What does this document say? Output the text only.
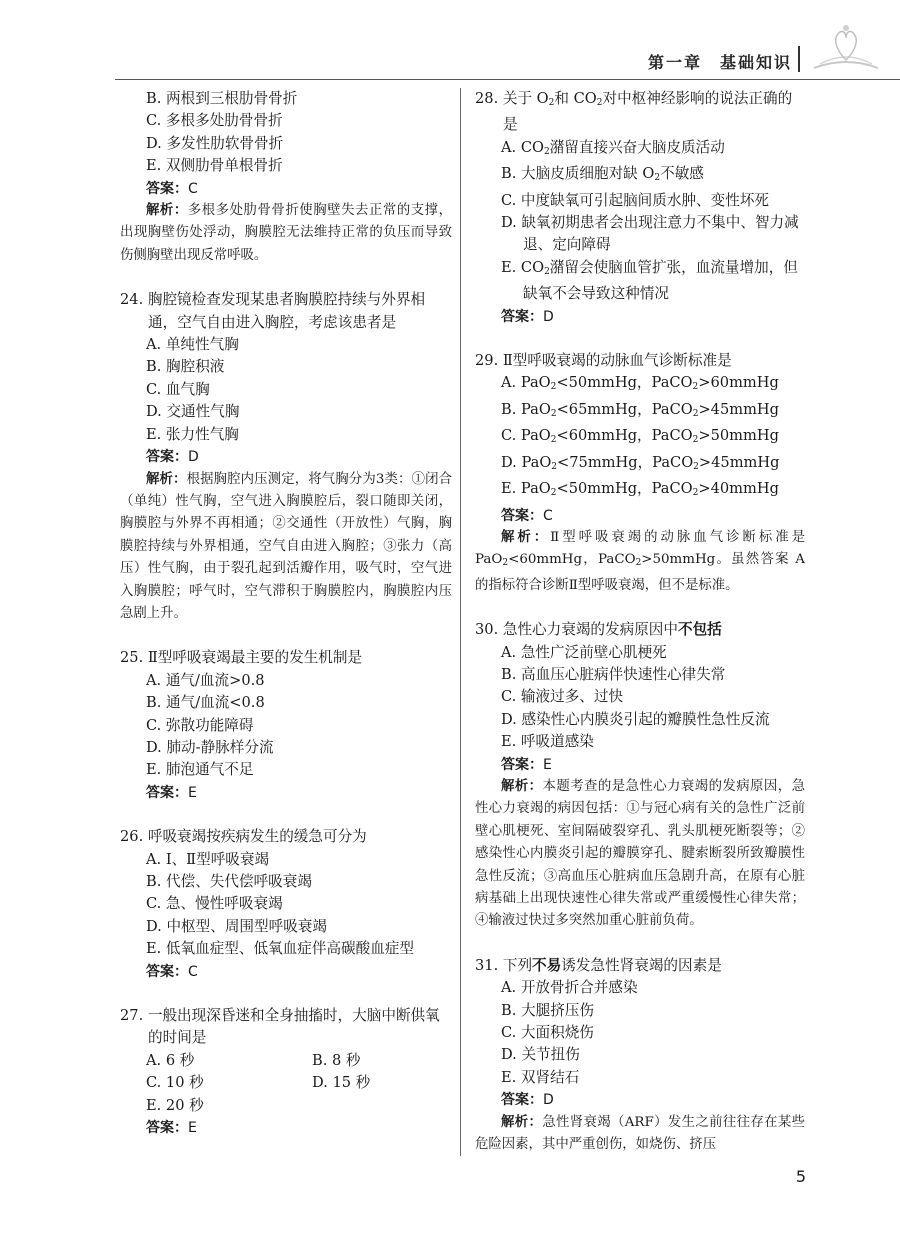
第一章　基础知识
B. 两根到三根肋骨骨折
C. 多根多处肋骨骨折
D. 多发性肋软骨骨折
E. 双侧肋骨单根骨折
答案：C
解析：多根多处肋骨骨折使胸壁失去正常的支撑，出现胸壁伤处浮动，胸膜腔无法维持正常的负压而导致伤侧胸壁出现反常呼吸。
24. 胸腔镜检查发现某患者胸膜腔持续与外界相通，空气自由进入胸腔，考虑该患者是
A. 单纯性气胸
B. 胸腔积液
C. 血气胸
D. 交通性气胸
E. 张力性气胸
答案：D
解析：根据胸腔内压测定，将气胸分为3类：①闭合（单纯）性气胸，空气进入胸膜腔后，裂口随即关闭，胸膜腔与外界不再相通；②交通性（开放性）气胸，胸膜腔持续与外界相通，空气自由进入胸腔；③张力（高压）性气胸，由于裂孔起到活瓣作用，吸气时，空气进入胸膜腔；呼气时，空气滞积于胸膜腔内，胸膜腔内压急剧上升。
25. Ⅱ型呼吸衰竭最主要的发生机制是
A. 通气/血流>0.8
B. 通气/血流<0.8
C. 弥散功能障碍
D. 肺动-静脉样分流
E. 肺泡通气不足
答案：E
26. 呼吸衰竭按疾病发生的缓急可分为
A. Ⅰ、Ⅱ型呼吸衰竭
B. 代偿、失代偿呼吸衰竭
C. 急、慢性呼吸衰竭
D. 中枢型、周围型呼吸衰竭
E. 低氧血症型、低氧血症伴高碳酸血症型
答案：C
27. 一般出现深昏迷和全身抽搐时，大脑中断供氧的时间是
A. 6 秒	B. 8 秒
C. 10 秒	D. 15 秒
E. 20 秒
答案：E
28. 关于 $O_2$和 $CO_2$对中枢神经影响的说法正确的是
A. $CO_2$潴留直接兴奋大脑皮质活动
B. 大脑皮质细胞对缺 $O_2$不敏感
C. 中度缺氧可引起脑间质水肿、变性坏死
D. 缺氧初期患者会出现注意力不集中、智力减退、定向障碍
E. $CO_2$潴留会使脑血管扩张，血流量增加，但缺氧不会导致这种情况
答案：D
29. Ⅱ型呼吸衰竭的动脉血气诊断标准是
A. PaO$_2$<50mmHg，PaCO$_2$>60mmHg
B. PaO$_2$<65mmHg，PaCO$_2$>45mmHg
C. PaO$_2$<60mmHg，PaCO$_2$>50mmHg
D. PaO$_2$<75mmHg，PaCO$_2$>45mmHg
E. PaO$_2$<50mmHg，PaCO$_2$>40mmHg
答案：C
解析：Ⅱ型呼吸衰竭的动脉血气诊断标准是 PaO$_2$<60mmHg，PaCO$_2$>50mmHg。虽然答案 A 的指标符合诊断Ⅱ型呼吸衰竭，但不是标准。
30. 急性心力衰竭的发病原因中不包括
A. 急性广泛前壁心肌梗死
B. 高血压心脏病伴快速性心律失常
C. 输液过多、过快
D. 感染性心内膜炎引起的瓣膜性急性反流
E. 呼吸道感染
答案：E
解析：本题考查的是急性心力衰竭的发病原因，急性心力衰竭的病因包括：①与冠心病有关的急性广泛前壁心肌梗死、室间隔破裂穿孔、乳头肌梗死断裂等；②感染性心内膜炎引起的瓣膜穿孔、腱索断裂所致瓣膜性急性反流；③高血压心脏病血压急剧升高，在原有心脏病基础上出现快速性心律失常或严重缓慢性心律失常；④输液过快过多突然加重心脏前负荷。
31. 下列不易诱发急性肾衰竭的因素是
A. 开放骨折合并感染
B. 大腿挤压伤
C. 大面积烧伤
D. 关节扭伤
E. 双肾结石
答案：D
解析：急性肾衰竭（ARF）发生之前往往存在某些危险因素，其中严重创伤，如烧伤、挤压
5
